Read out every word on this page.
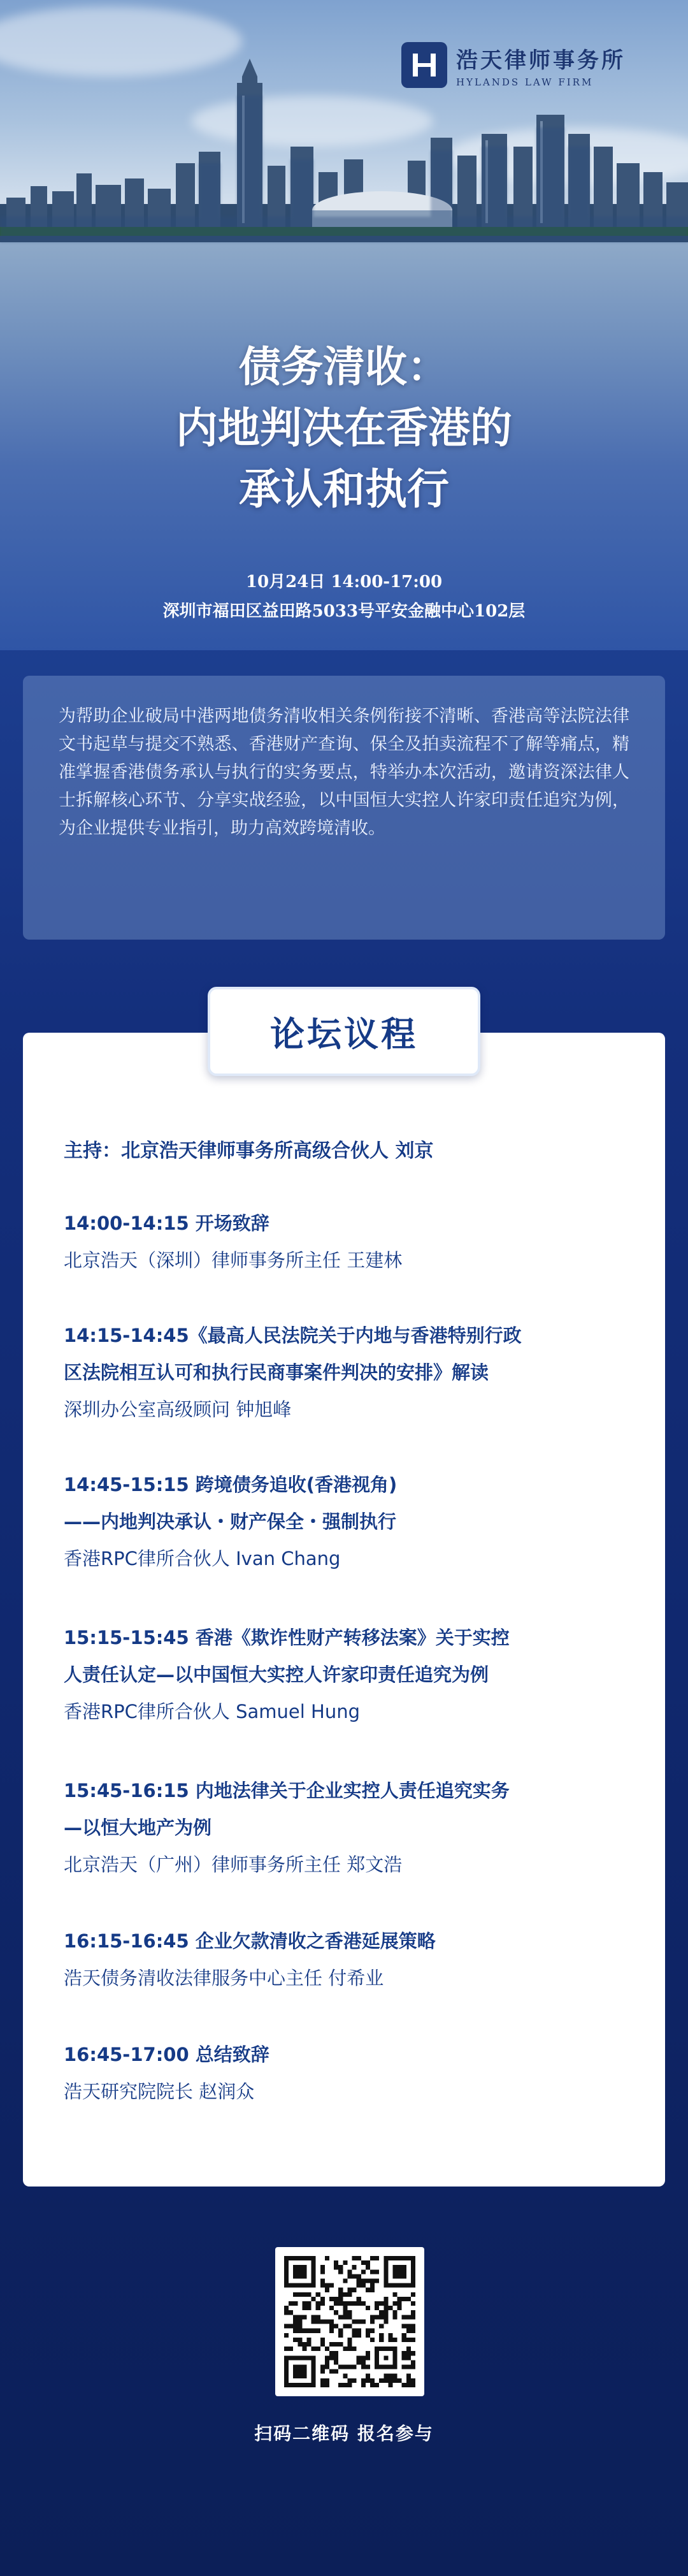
浩天律师事务所
HYLANDS LAW FIRM
债务清收：
内地判决在香港的
承认和执行
10月24日 14:00-17:00
深圳市福田区益田路5033号平安金融中心102层
为帮助企业破局中港两地债务清收相关条例衔接不清晰、香港高等法院法律文书起草与提交不熟悉、香港财产查询、保全及拍卖流程不了解等痛点，精准掌握香港债务承认与执行的实务要点，特举办本次活动，邀请资深法律人士拆解核心环节、分享实战经验，以中国恒大实控人许家印责任追究为例，为企业提供专业指引，助力高效跨境清收。
论坛议程
主持：北京浩天律师事务所高级合伙人 刘京
14:00-14:15 开场致辞
北京浩天（深圳）律师事务所主任 王建林
14:15-14:45《最高人民法院关于内地与香港特别行政
区法院相互认可和执行民商事案件判决的安排》解读
深圳办公室高级顾问 钟旭峰
14:45-15:15 跨境债务追收(香港视角)
——内地判决承认・财产保全・强制执行
香港RPC律所合伙人 Ivan Chang
15:15-15:45 香港《欺诈性财产转移法案》关于实控
人责任认定—以中国恒大实控人许家印责任追究为例
香港RPC律所合伙人 Samuel Hung
15:45-16:15 内地法律关于企业实控人责任追究实务
—以恒大地产为例
北京浩天（广州）律师事务所主任 郑文浩
16:15-16:45 企业欠款清收之香港延展策略
浩天债务清收法律服务中心主任 付希业
16:45-17:00 总结致辞
浩天研究院院长 赵润众
扫码二维码 报名参与
